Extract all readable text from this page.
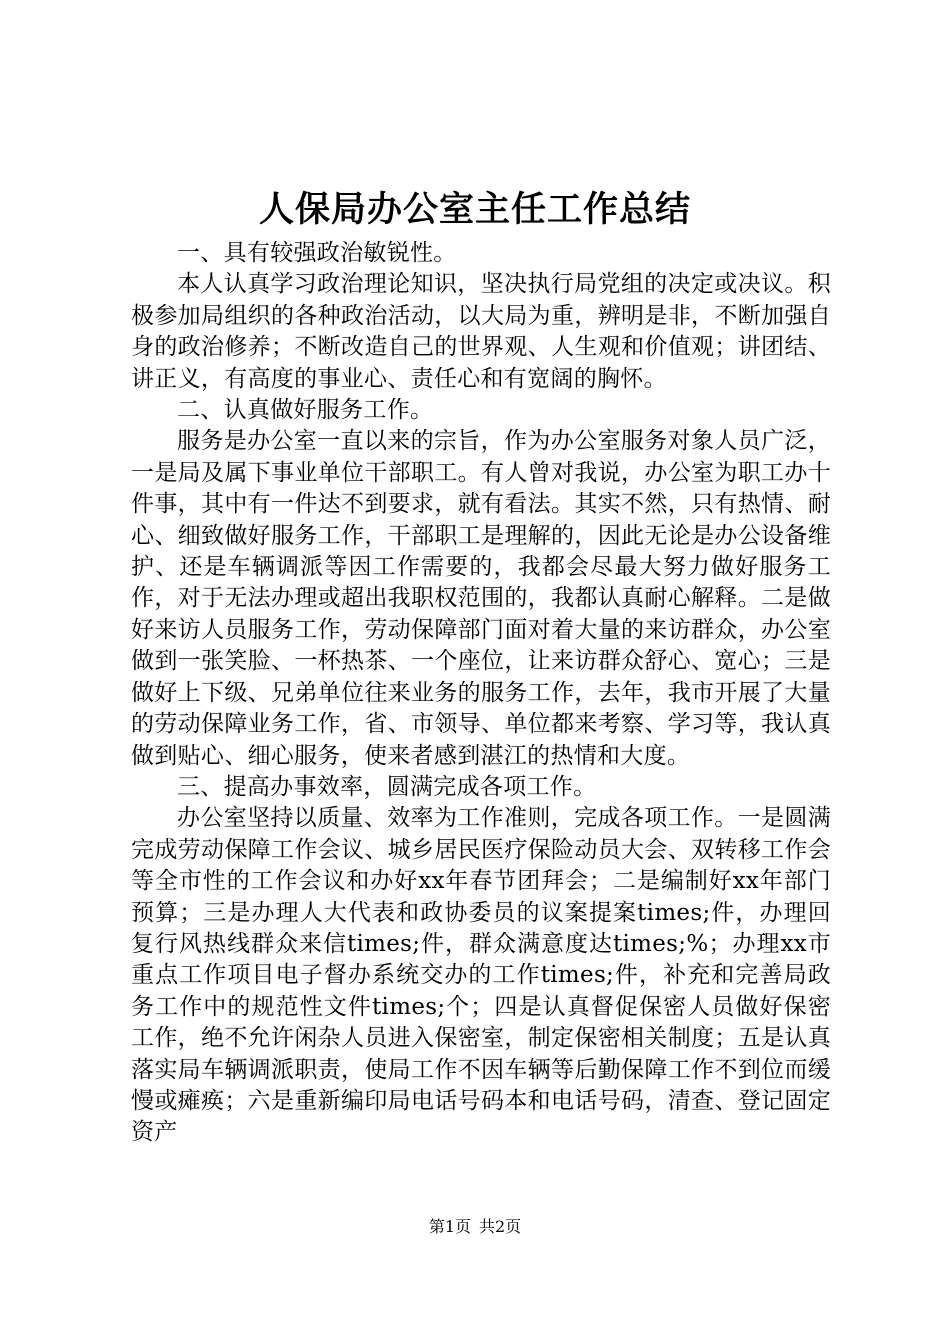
人保局办公室主任工作总结

一、具有较强政治敏锐性。

本人认真学习政治理论知识，坚决执行局党组的决定或决议。积极参加局组织的各种政治活动，以大局为重，辨明是非，不断加强自身的政治修养；不断改造自己的世界观、人生观和价值观；讲团结、讲正义，有高度的事业心、责任心和有宽阔的胸怀。

二、认真做好服务工作。

服务是办公室一直以来的宗旨，作为办公室服务对象人员广泛，一是局及属下事业单位干部职工。有人曾对我说，办公室为职工办十件事，其中有一件达不到要求，就有看法。其实不然，只有热情、耐心、细致做好服务工作，干部职工是理解的，因此无论是办公设备维护、还是车辆调派等因工作需要的，我都会尽最大努力做好服务工作，对于无法办理或超出我职权范围的，我都认真耐心解释。二是做好来访人员服务工作，劳动保障部门面对着大量的来访群众，办公室做到一张笑脸、一杯热茶、一个座位，让来访群众舒心、宽心；三是做好上下级、兄弟单位往来业务的服务工作，去年，我市开展了大量的劳动保障业务工作，省、市领导、单位都来考察、学习等，我认真做到贴心、细心服务，使来者感到湛江的热情和大度。

三、提高办事效率，圆满完成各项工作。

办公室坚持以质量、效率为工作准则，完成各项工作。一是圆满完成劳动保障工作会议、城乡居民医疗保险动员大会、双转移工作会等全市性的工作会议和办好xx年春节团拜会；二是编制好xx年部门预算；三是办理人大代表和政协委员的议案提案times;件，办理回复行风热线群众来信times;件，群众满意度达times;%；办理xx市重点工作项目电子督办系统交办的工作times;件，补充和完善局政务工作中的规范性文件times;个；四是认真督促保密人员做好保密工作，绝不允许闲杂人员进入保密室，制定保密相关制度；五是认真落实局车辆调派职责，使局工作不因车辆等后勤保障工作不到位而缓慢或瘫痪；六是重新编印局电话号码本和电话号码，清查、登记固定资产

第1页 共2页
